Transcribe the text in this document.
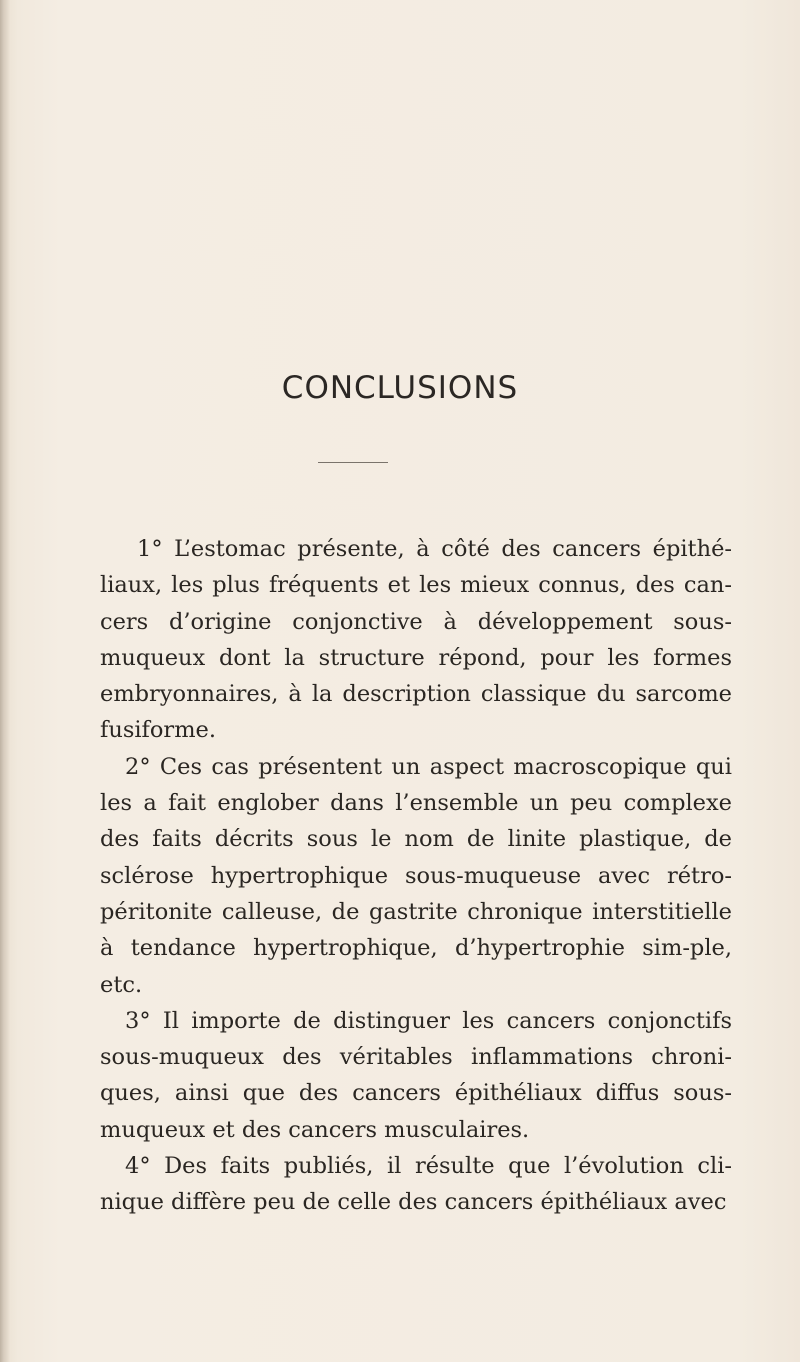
CONCLUSIONS

1° L’estomac présente, à côté des cancers épithé-liaux, les plus fréquents et les mieux connus, des can-cers d’origine conjonctive à développement sous-muqueux dont la structure répond, pour les formes embryonnaires, à la description classique du sarcome fusiforme.

2° Ces cas présentent un aspect macroscopique qui les a fait englober dans l’ensemble un peu complexe des faits décrits sous le nom de linite plastique, de sclérose hypertrophique sous-muqueuse avec rétro-péritonite calleuse, de gastrite chronique interstitielle à tendance hypertrophique, d’hypertrophie sim-ple, etc.

3° Il importe de distinguer les cancers conjonctifs sous-muqueux des véritables inflammations chroni-ques, ainsi que des cancers épithéliaux diffus sous-muqueux et des cancers musculaires.

4° Des faits publiés, il résulte que l’évolution cli-nique diffère peu de celle des cancers épithéliaux avec
